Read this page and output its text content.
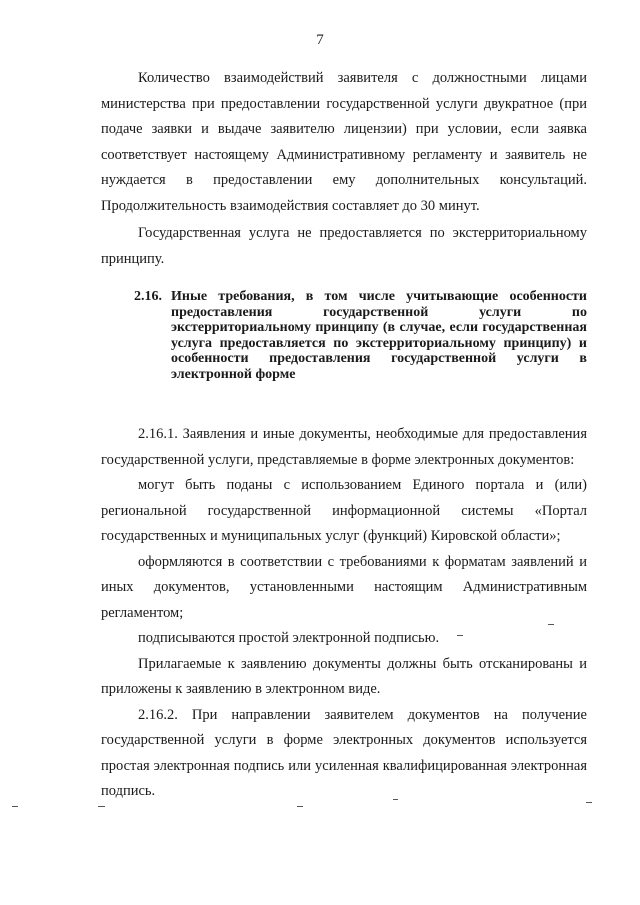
7

Количество взаимодействий заявителя с должностными лицами министерства при предоставлении государственной услуги двукратное (при подаче заявки и выдаче заявителю лицензии) при условии, если заявка соответствует настоящему Административному регламенту и заявитель не нуждается в предоставлении ему дополнительных консультаций. Продолжительность взаимодействия составляет до 30 минут.

Государственная услуга не предоставляется по экстерриториальному принципу.

2.16. Иные требования, в том числе учитывающие особенности предоставления государственной услуги по экстерриториальному принципу (в случае, если государственная услуга предоставляется по экстерриториальному принципу) и особенности предоставления государственной услуги в электронной форме

2.16.1. Заявления и иные документы, необходимые для предоставления государственной услуги, представляемые в форме электронных документов:

могут быть поданы с использованием Единого портала и (или) региональной государственной информационной системы «Портал государственных и муниципальных услуг (функций) Кировской области»;

оформляются в соответствии с требованиями к форматам заявлений и иных документов, установленными настоящим Административным регламентом;

подписываются простой электронной подписью.

Прилагаемые к заявлению документы должны быть отсканированы и приложены к заявлению в электронном виде.

2.16.2. При направлении заявителем документов на получение государственной услуги в форме электронных документов используется простая электронная подпись или усиленная квалифицированная электронная подпись.
